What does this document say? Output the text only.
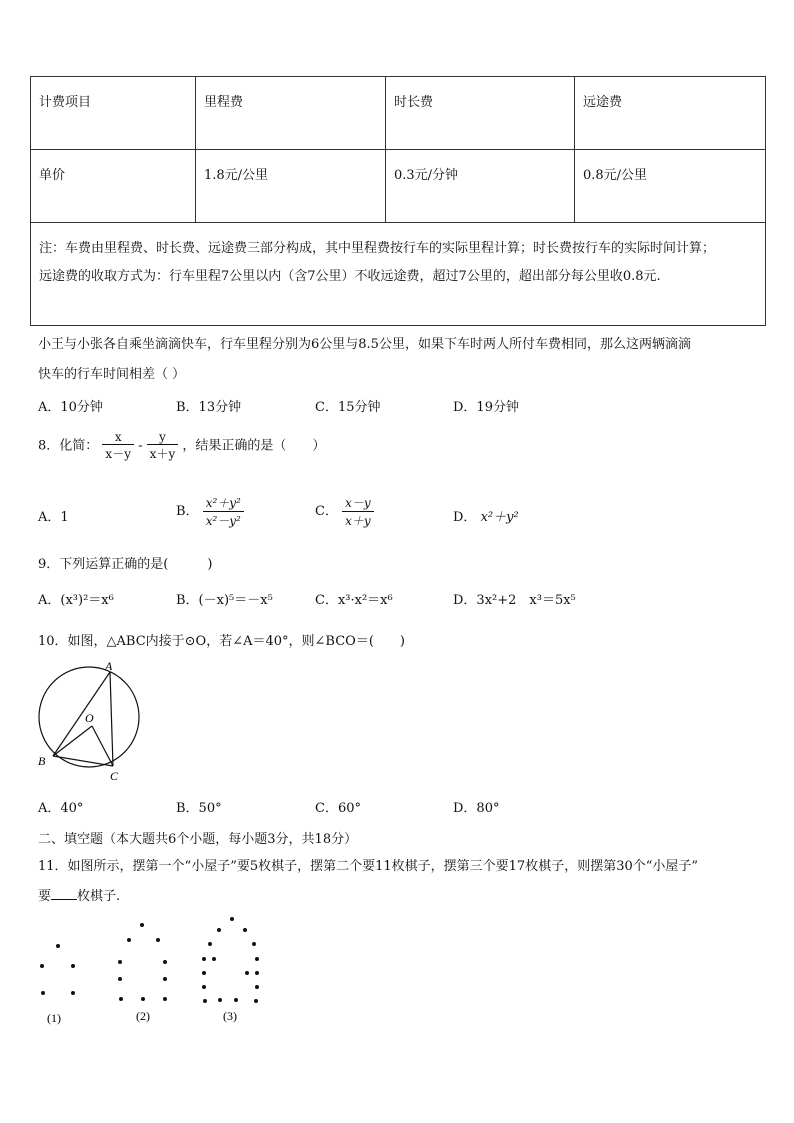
计费项目	里程费	时长费	远途费
单价	1.8元/公里	0.3元/分钟	0.8元/公里

注：车费由里程费、时长费、远途费三部分构成，其中里程费按行车的实际里程计算；时长费按行车的实际时间计算；
远途费的收取方式为：行车里程7公里以内（含7公里）不收远途费，超过7公里的，超出部分每公里收0.8元.			
小王与小张各自乘坐滴滴快车，行车里程分别为6公里与8.5公里，如果下车时两人所付车费相同，那么这两辆滴滴
快车的行车时间相差（ ）
A．10分钟	B．13分钟	C．15分钟	D．19分钟
8．化简： $\frac{x}{x-y} - \frac{y}{x+y}$ ，结果正确的是（　　）
A．1	B． $\frac{\text{x²＋y²}}{\text{x²－y²}}$	C． $\frac{x-y}{x+y}$	D． x²＋y²
9．下列运算正确的是(　　　)
A．(x³)²＝x⁶	B．(－x)⁵＝－x⁵	C．x³·x²＝x⁶	D．3x²+2　x³＝5x⁵
10．如图，△ABC内接于⊙O，若∠A＝40°，则∠BCO＝(　　)
A
O
B
C
A．40°	B．50°	C．60°	D．80°
二、填空题（本大题共6个小题，每小题3分，共18分）
11．如图所示，摆第一个“小屋子”要5枚棋子，摆第二个要11枚棋子，摆第三个要17枚棋子，则摆第30个“小屋子”
要 枚棋子.
(1)	(2)	(3)
